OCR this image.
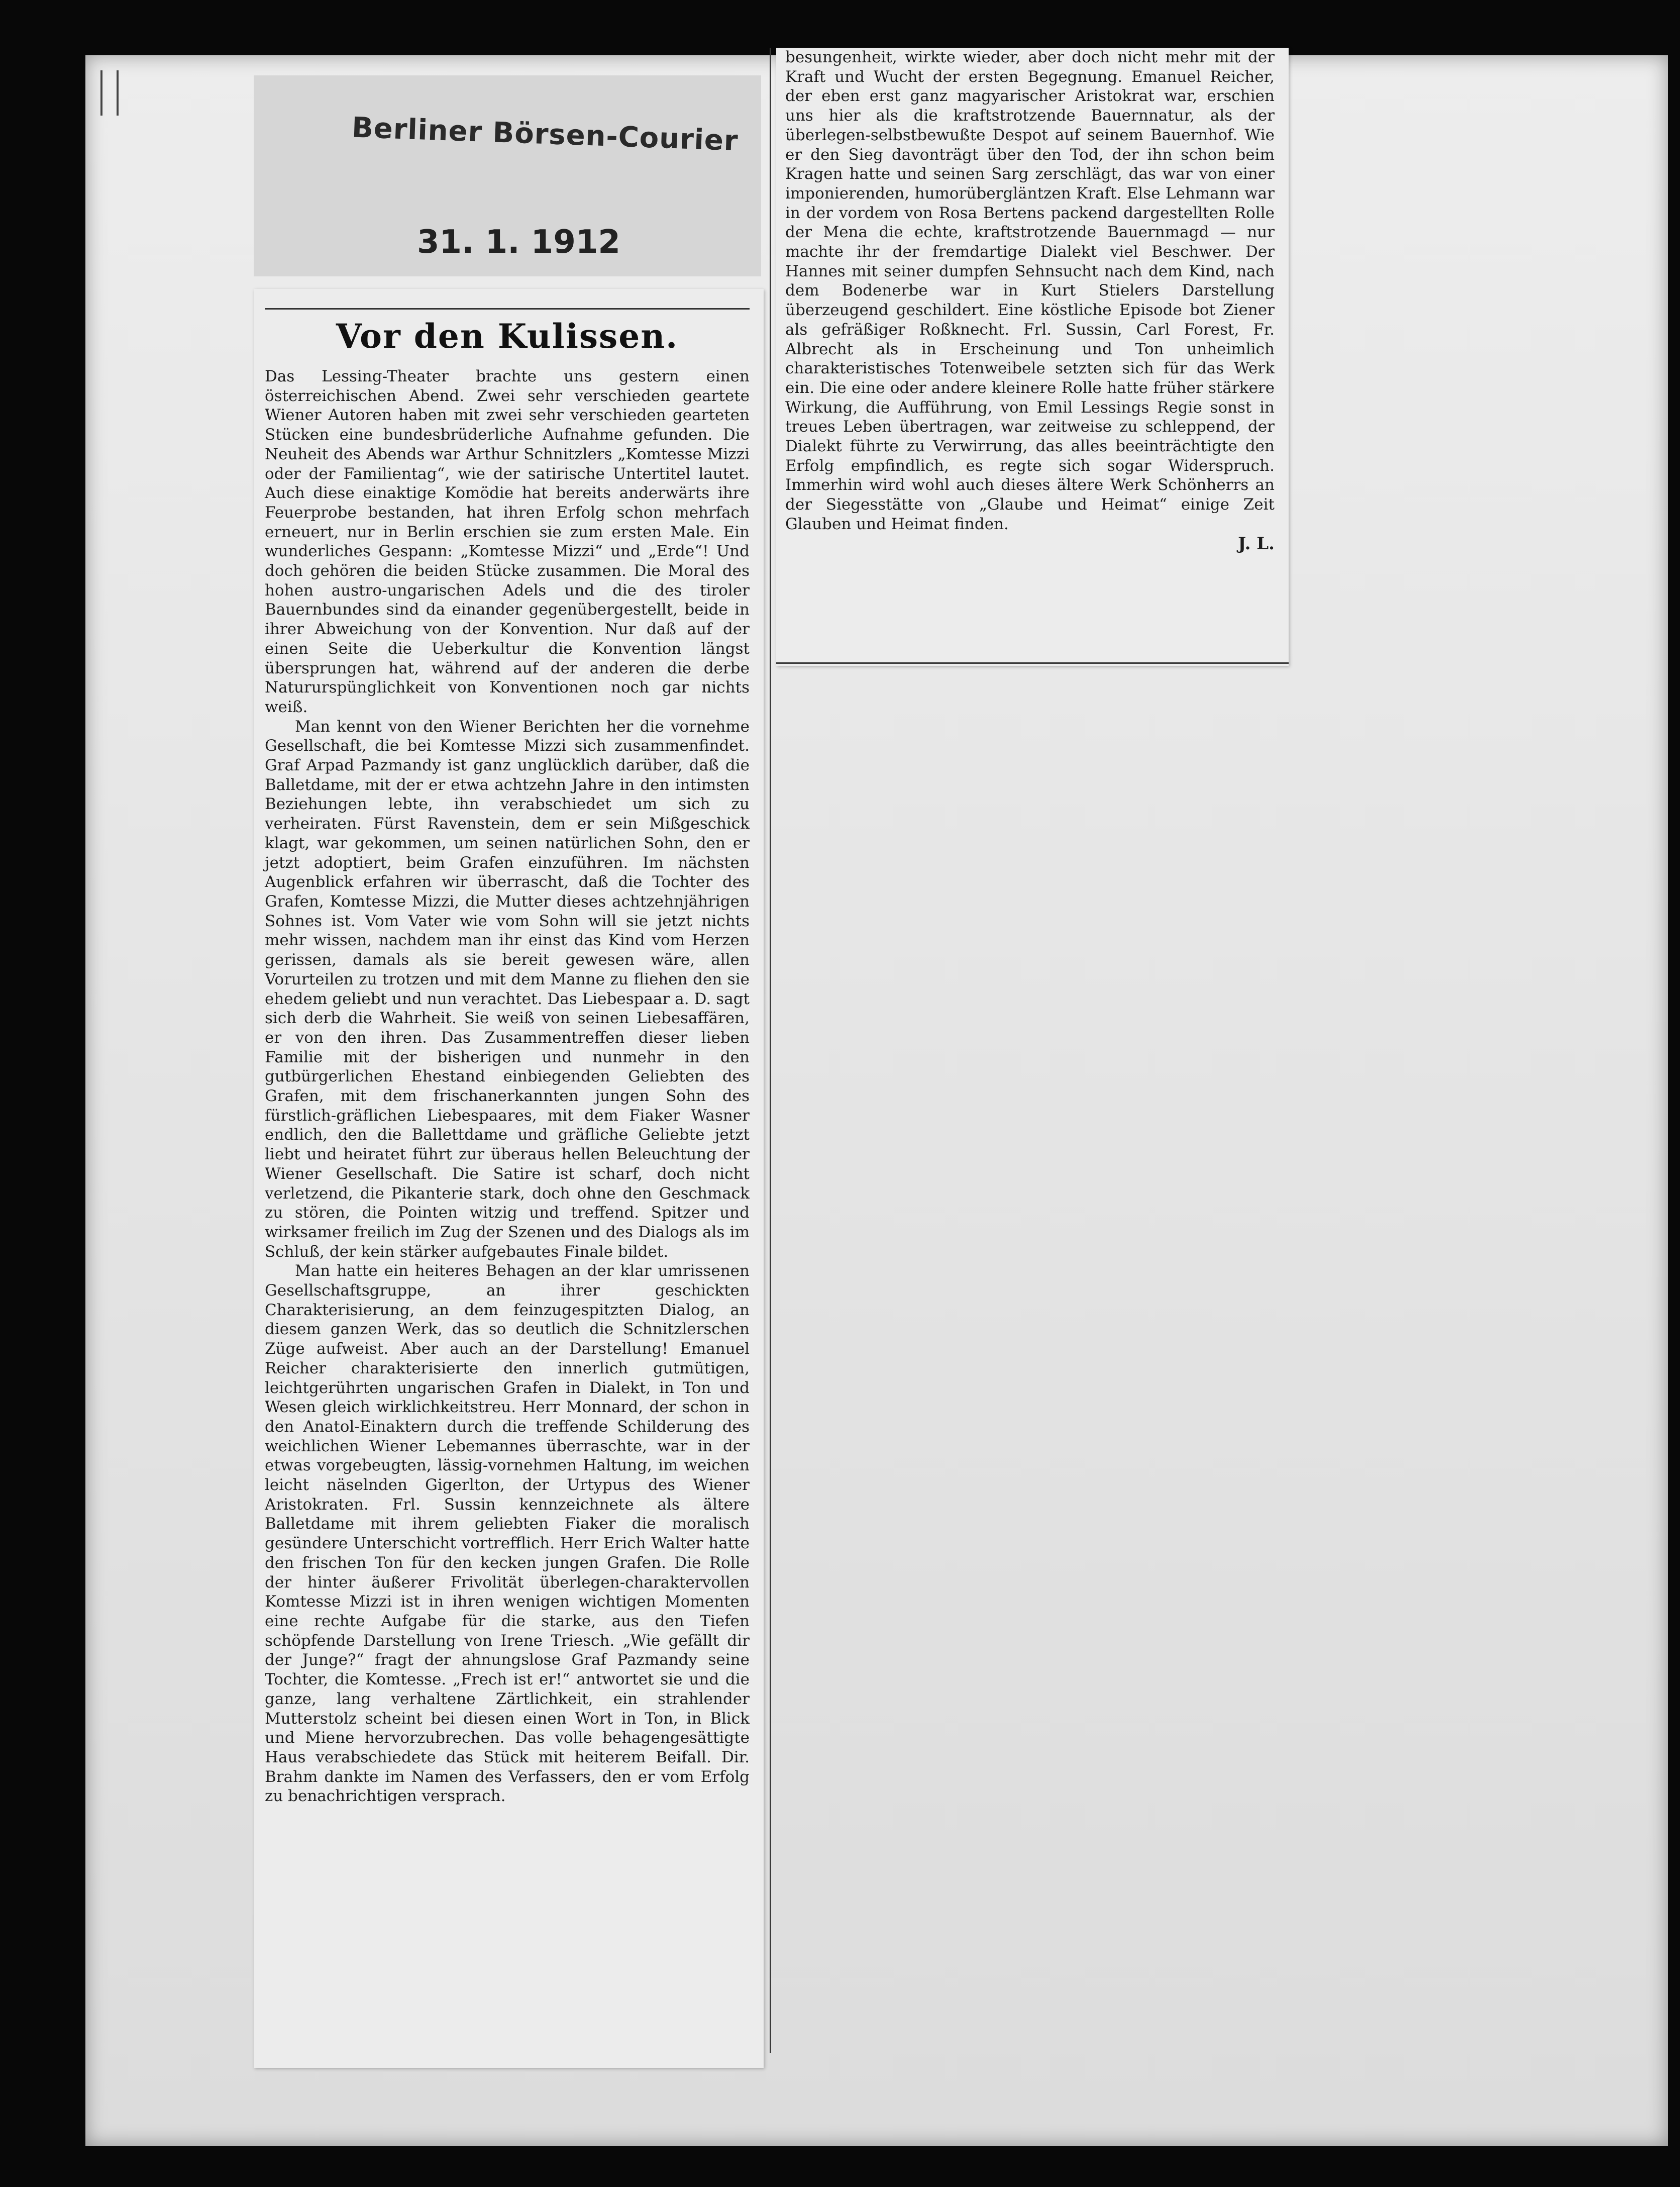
Berliner Börsen-Courier

31. 1. 1912

Vor den Kulissen.

Das Lessing-Theater brachte uns gestern einen österreichischen Abend. Zwei sehr verschieden geartete Wiener Autoren haben mit zwei sehr verschieden gearteten Stücken eine bundesbrüderliche Aufnahme gefunden. Die Neuheit des Abends war Arthur Schnitzlers „Komtesse Mizzi oder der Familientag“, wie der satirische Untertitel lautet. Auch diese einaktige Komödie hat bereits anderwärts ihre Feuerprobe bestanden, hat ihren Erfolg schon mehrfach erneuert, nur in Berlin erschien sie zum ersten Male. Ein wunderliches Gespann: „Komtesse Mizzi“ und „Erde“! Und doch gehören die beiden Stücke zusammen. Die Moral des hohen austro-ungarischen Adels und die des tiroler Bauernbundes sind da einander gegenübergestellt, beide in ihrer Abweichung von der Konvention. Nur daß auf der einen Seite die Ueberkultur die Konvention längst übersprungen hat, während auf der anderen die derbe Natururspünglichkeit von Konventionen noch gar nichts weiß.

Man kennt von den Wiener Berichten her die vornehme Gesellschaft, die bei Komtesse Mizzi sich zusammenfindet. Graf Arpad Pazmandy ist ganz unglücklich darüber, daß die Balletdame, mit der er etwa achtzehn Jahre in den intimsten Beziehungen lebte, ihn verabschiedet um sich zu verheiraten. Fürst Ravenstein, dem er sein Mißgeschick klagt, war gekommen, um seinen natürlichen Sohn, den er jetzt adoptiert, beim Grafen einzuführen. Im nächsten Augenblick erfahren wir überrascht, daß die Tochter des Grafen, Komtesse Mizzi, die Mutter dieses achtzehnjährigen Sohnes ist. Vom Vater wie vom Sohn will sie jetzt nichts mehr wissen, nachdem man ihr einst das Kind vom Herzen gerissen, damals als sie bereit gewesen wäre, allen Vorurteilen zu trotzen und mit dem Manne zu fliehen den sie ehedem geliebt und nun verachtet. Das Liebespaar a. D. sagt sich derb die Wahrheit. Sie weiß von seinen Liebesaffären, er von den ihren. Das Zusammentreffen dieser lieben Familie mit der bisherigen und nunmehr in den gutbürgerlichen Ehestand einbiegenden Geliebten des Grafen, mit dem frischanerkannten jungen Sohn des fürstlich-gräflichen Liebespaares, mit dem Fiaker Wasner endlich, den die Ballettdame und gräfliche Geliebte jetzt liebt und heiratet führt zur überaus hellen Beleuchtung der Wiener Gesellschaft. Die Satire ist scharf, doch nicht verletzend, die Pikanterie stark, doch ohne den Geschmack zu stören, die Pointen witzig und treffend. Spitzer und wirksamer freilich im Zug der Szenen und des Dialogs als im Schluß, der kein stärker aufgebautes Finale bildet.

Man hatte ein heiteres Behagen an der klar umrissenen Gesellschaftsgruppe, an ihrer geschickten Charakterisierung, an dem feinzugespitzten Dialog, an diesem ganzen Werk, das so deutlich die Schnitzlerschen Züge aufweist. Aber auch an der Darstellung! Emanuel Reicher charakterisierte den innerlich gutmütigen, leichtgerührten ungarischen Grafen in Dialekt, in Ton und Wesen gleich wirklichkeitstreu. Herr Monnard, der schon in den Anatol-Einaktern durch die treffende Schilderung des weichlichen Wiener Lebemannes überraschte, war in der etwas vorgebeugten, lässig-vornehmen Haltung, im weichen leicht näselnden Gigerlton, der Urtypus des Wiener Aristokraten. Frl. Sussin kennzeichnete als ältere Balletdame mit ihrem geliebten Fiaker die moralisch gesündere Unterschicht vortrefflich. Herr Erich Walter hatte den frischen Ton für den kecken jungen Grafen. Die Rolle der hinter äußerer Frivolität überlegen-charaktervollen Komtesse Mizzi ist in ihren wenigen wichtigen Momenten eine rechte Aufgabe für die starke, aus den Tiefen schöpfende Darstellung von Irene Triesch. „Wie gefällt dir der Junge?“ fragt der ahnungslose Graf Pazmandy seine Tochter, die Komtesse. „Frech ist er!“ antwortet sie und die ganze, lang verhaltene Zärtlichkeit, ein strahlender Mutterstolz scheint bei diesen einen Wort in Ton, in Blick und Miene hervorzubrechen. Das volle behagengesättigte Haus verabschiedete das Stück mit heiterem Beifall. Dir. Brahm dankte im Namen des Verfassers, den er vom Erfolg zu benachrichtigen versprach.

besungenheit, wirkte wieder, aber doch nicht mehr mit der Kraft und Wucht der ersten Begegnung. Emanuel Reicher, der eben erst ganz magyarischer Aristokrat war, erschien uns hier als die kraftstrotzende Bauernnatur, als der überlegen-selbstbewußte Despot auf seinem Bauernhof. Wie er den Sieg davonträgt über den Tod, der ihn schon beim Kragen hatte und seinen Sarg zerschlägt, das war von einer imponierenden, humorübergläntzen Kraft. Else Lehmann war in der vordem von Rosa Bertens packend dargestellten Rolle der Mena die echte, kraftstrotzende Bauernmagd — nur machte ihr der fremdartige Dialekt viel Beschwer. Der Hannes mit seiner dumpfen Sehnsucht nach dem Kind, nach dem Bodenerbe war in Kurt Stielers Darstellung überzeugend geschildert. Eine köstliche Episode bot Ziener als gefräßiger Roßknecht. Frl. Sussin, Carl Forest, Fr. Albrecht als in Erscheinung und Ton unheimlich charakteristisches Totenweibele setzten sich für das Werk ein. Die eine oder andere kleinere Rolle hatte früher stärkere Wirkung, die Aufführung, von Emil Lessings Regie sonst in treues Leben übertragen, war zeitweise zu schleppend, der Dialekt führte zu Verwirrung, das alles beeinträchtigte den Erfolg empfindlich, es regte sich sogar Widerspruch. Immerhin wird wohl auch dieses ältere Werk Schönherrs an der Siegesstätte von „Glaube und Heimat“ einige Zeit Glauben und Heimat finden.

J. L.
